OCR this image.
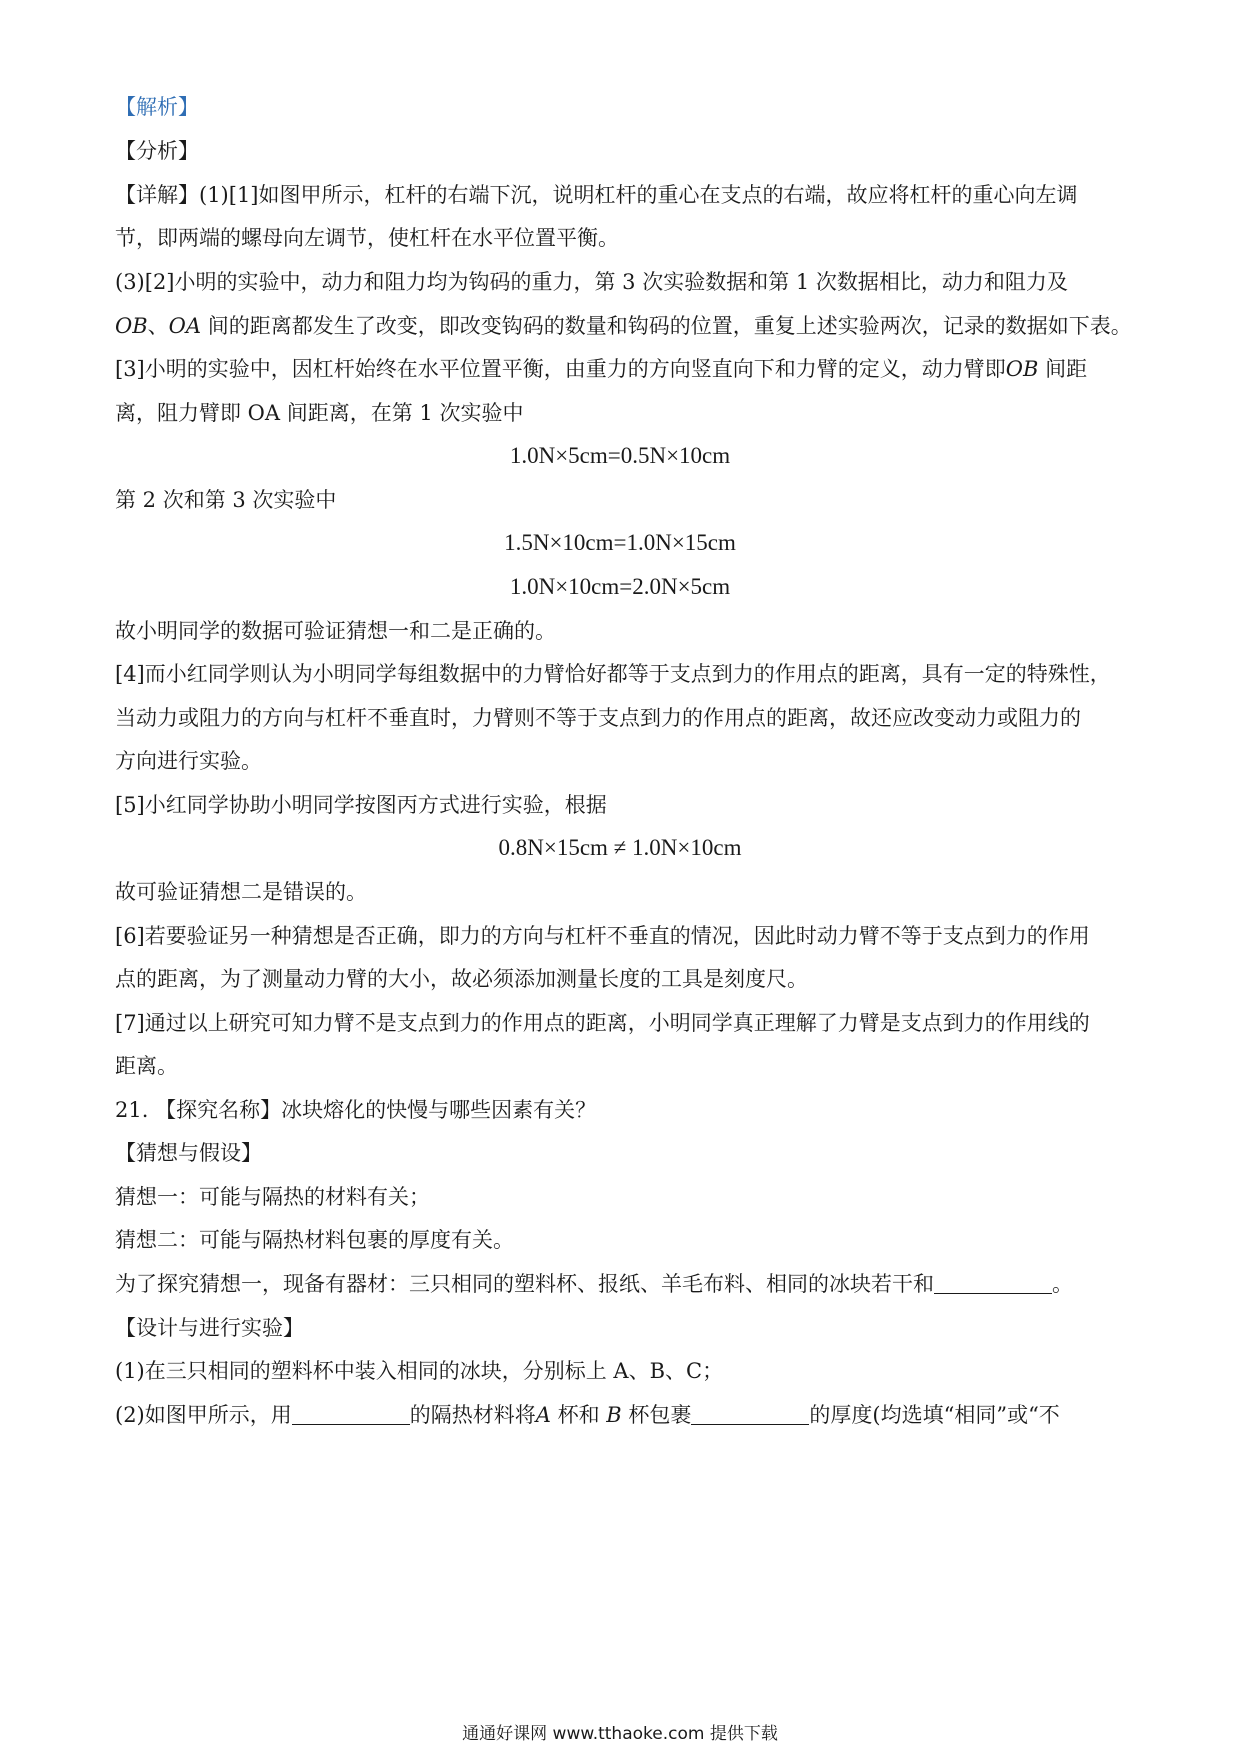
【解析】
【分析】
【详解】(1)[1]如图甲所示，杠杆的右端下沉，说明杠杆的重心在支点的右端，故应将杠杆的重心向左调
节，即两端的螺母向左调节，使杠杆在水平位置平衡。
(3)[2]小明的实验中，动力和阻力均为钩码的重力，第 3 次实验数据和第 1 次数据相比，动力和阻力及
OB、OA 间的距离都发生了改变，即改变钩码的数量和钩码的位置，重复上述实验两次，记录的数据如下表。
[3]小明的实验中，因杠杆始终在水平位置平衡，由重力的方向竖直向下和力臂的定义，动力臂即OB 间距
离，阻力臂即 OA 间距离，在第 1 次实验中
1.0N×5cm=0.5N×10cm
第 2 次和第 3 次实验中
1.5N×10cm=1.0N×15cm
1.0N×10cm=2.0N×5cm
故小明同学的数据可验证猜想一和二是正确的。
[4]而小红同学则认为小明同学每组数据中的力臂恰好都等于支点到力的作用点的距离，具有一定的特殊性，
当动力或阻力的方向与杠杆不垂直时，力臂则不等于支点到力的作用点的距离，故还应改变动力或阻力的
方向进行实验。
[5]小红同学协助小明同学按图丙方式进行实验，根据
0.8N×15cm ≠ 1.0N×10cm
故可验证猜想二是错误的。
[6]若要验证另一种猜想是否正确，即力的方向与杠杆不垂直的情况，因此时动力臂不等于支点到力的作用
点的距离，为了测量动力臂的大小，故必须添加测量长度的工具是刻度尺。
[7]通过以上研究可知力臂不是支点到力的作用点的距离，小明同学真正理解了力臂是支点到力的作用线的
距离。
21. 【探究名称】冰块熔化的快慢与哪些因素有关？
【猜想与假设】
猜想一：可能与隔热的材料有关；
猜想二：可能与隔热材料包裹的厚度有关。
为了探究猜想一，现备有器材：三只相同的塑料杯、报纸、羊毛布料、相同的冰块若干和	。
【设计与进行实验】
(1)在三只相同的塑料杯中装入相同的冰块，分别标上 A、B、C；
(2)如图甲所示，用	的隔热材料将A 杯和 B 杯包裹	的厚度(均选填“相同”或“不
通通好课网 www.tthaoke.com 提供下载
